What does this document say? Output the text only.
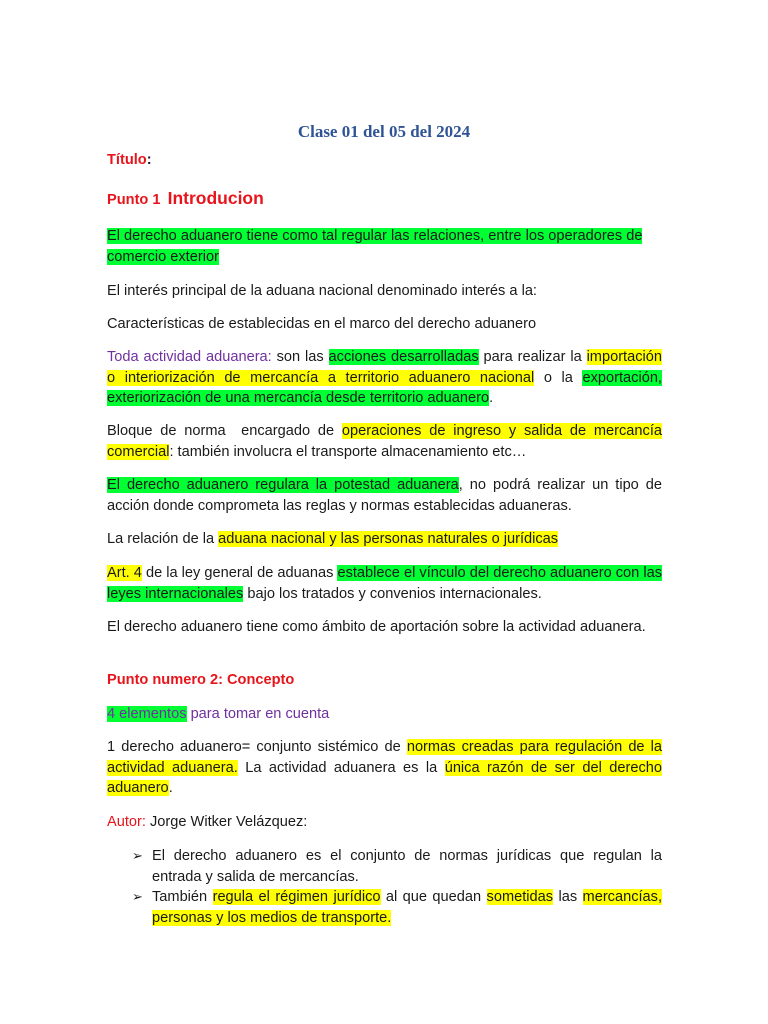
Clase 01 del 05 del 2024
Título:
Punto 1 Introducion
El derecho aduanero tiene como tal regular las relaciones, entre los operadores de comercio exterior
El interés principal de la aduana nacional denominado interés a la:
Características de establecidas en el marco del derecho aduanero
Toda actividad aduanera: son las acciones desarrolladas para realizar la importación o interiorización de mercancía a territorio aduanero nacional o la exportación, exteriorización de una mercancía desde territorio aduanero.
Bloque de norma  encargado de operaciones de ingreso y salida de mercancía comercial: también involucra el transporte almacenamiento etc…
El derecho aduanero regulara la potestad aduanera, no podrá realizar un tipo de acción donde comprometa las reglas y normas establecidas aduaneras.
La relación de la aduana nacional y las personas naturales o jurídicas
Art. 4 de la ley general de aduanas establece el vínculo del derecho aduanero con las leyes internacionales bajo los tratados y convenios internacionales.
El derecho aduanero tiene como ámbito de aportación sobre la actividad aduanera.
Punto numero 2: Concepto
4 elementos para tomar en cuenta
1 derecho aduanero= conjunto sistémico de normas creadas para regulación de la actividad aduanera. La actividad aduanera es la única razón de ser del derecho aduanero.
Autor: Jorge Witker Velázquez:
➢ El derecho aduanero es el conjunto de normas jurídicas que regulan la entrada y salida de mercancías.
➢ También regula el régimen jurídico al que quedan sometidas las mercancías, personas y los medios de transporte.
